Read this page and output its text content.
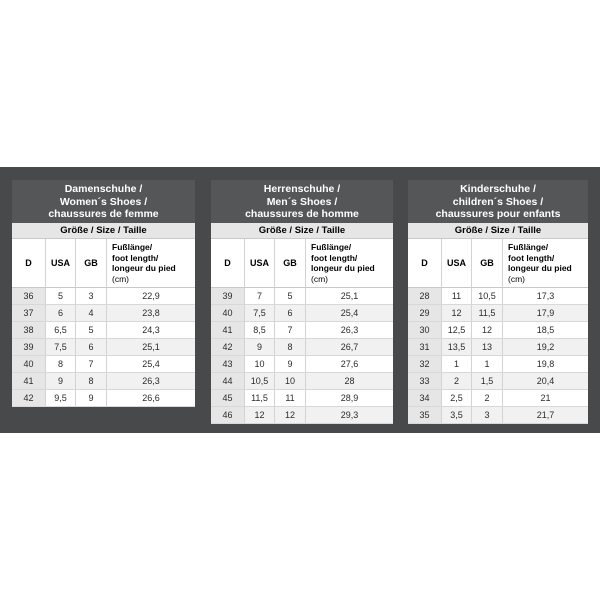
Damenschuhe /
Women´s Shoes /
chaussures de femme
Größe / Size / Taille
D	USA	GB
Fußlänge/
foot length/
longeur du pied
(cm)
36	5	3	22,9
37	6	4	23,8
38	6,5	5	24,3
39	7,5	6	25,1
40	8	7	25,4
41	9	8	26,3
42	9,5	9	26,6
Herrenschuhe /
Men´s Shoes /
chaussures de homme
Größe / Size / Taille
D	USA	GB
Fußlänge/
foot length/
longeur du pied
(cm)
39	7	5	25,1
40	7,5	6	25,4
41	8,5	7	26,3
42	9	8	26,7
43	10	9	27,6
44	10,5	10	28
45	11,5	11	28,9
46	12	12	29,3
Kinderschuhe /
children´s Shoes /
chaussures pour enfants
Größe / Size / Taille
D	USA	GB
Fußlänge/
foot length/
longeur du pied
(cm)
28	11	10,5	17,3
29	12	11,5	17,9
30	12,5	12	18,5
31	13,5	13	19,2
32	1	1	19,8
33	2	1,5	20,4
34	2,5	2	21
35	3,5	3	21,7
